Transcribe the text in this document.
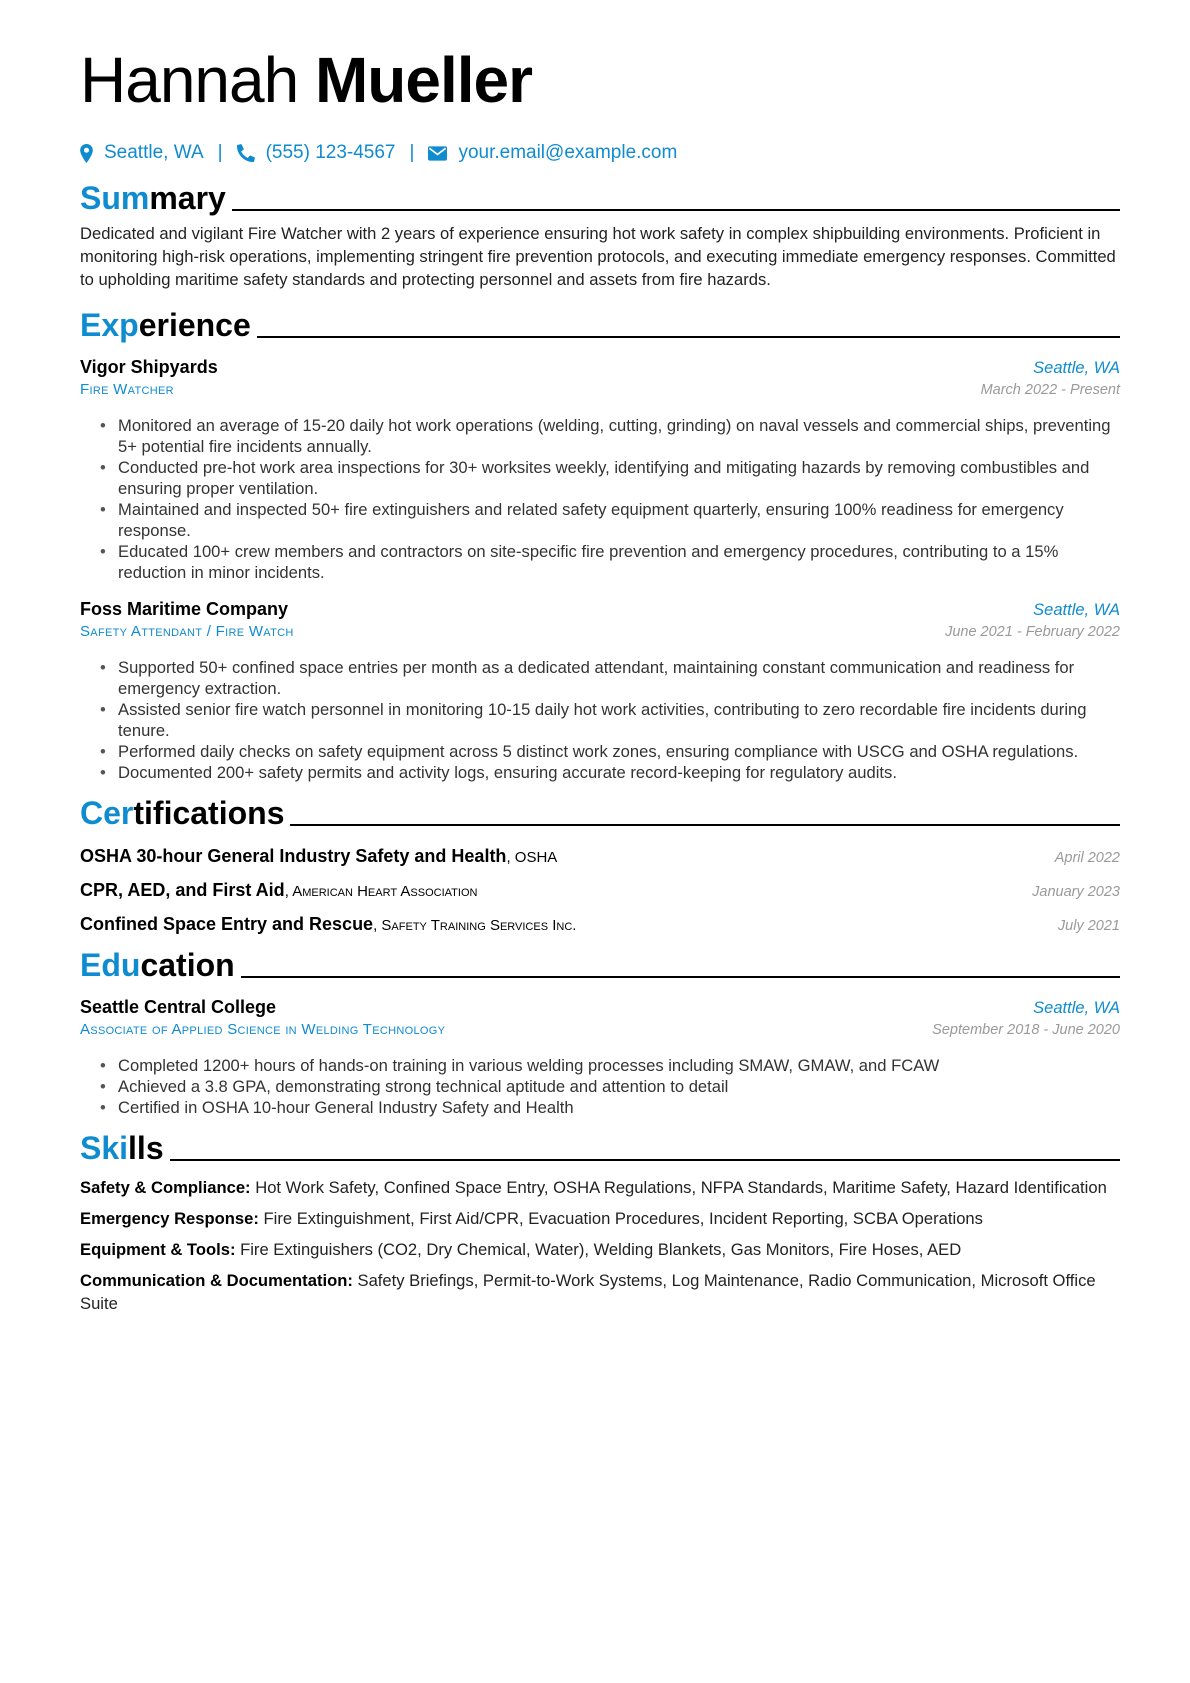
Hannah Mueller
Seattle, WA | (555) 123-4567 | your.email@example.com
Summary
Dedicated and vigilant Fire Watcher with 2 years of experience ensuring hot work safety in complex shipbuilding environments. Proficient in monitoring high-risk operations, implementing stringent fire prevention protocols, and executing immediate emergency responses. Committed to upholding maritime safety standards and protecting personnel and assets from fire hazards.
Experience
Vigor Shipyards	Seattle, WA
Fire Watcher	March 2022 - Present
• Monitored an average of 15-20 daily hot work operations (welding, cutting, grinding) on naval vessels and commercial ships, preventing 5+ potential fire incidents annually.
• Conducted pre-hot work area inspections for 30+ worksites weekly, identifying and mitigating hazards by removing combustibles and ensuring proper ventilation.
• Maintained and inspected 50+ fire extinguishers and related safety equipment quarterly, ensuring 100% readiness for emergency response.
• Educated 100+ crew members and contractors on site-specific fire prevention and emergency procedures, contributing to a 15% reduction in minor incidents.
Foss Maritime Company	Seattle, WA
Safety Attendant / Fire Watch	June 2021 - February 2022
• Supported 50+ confined space entries per month as a dedicated attendant, maintaining constant communication and readiness for emergency extraction.
• Assisted senior fire watch personnel in monitoring 10-15 daily hot work activities, contributing to zero recordable fire incidents during tenure.
• Performed daily checks on safety equipment across 5 distinct work zones, ensuring compliance with USCG and OSHA regulations.
• Documented 200+ safety permits and activity logs, ensuring accurate record-keeping for regulatory audits.
Certifications
OSHA 30-hour General Industry Safety and Health, OSHA	April 2022
CPR, AED, and First Aid, American Heart Association	January 2023
Confined Space Entry and Rescue, Safety Training Services Inc.	July 2021
Education
Seattle Central College	Seattle, WA
Associate of Applied Science in Welding Technology	September 2018 - June 2020
• Completed 1200+ hours of hands-on training in various welding processes including SMAW, GMAW, and FCAW
• Achieved a 3.8 GPA, demonstrating strong technical aptitude and attention to detail
• Certified in OSHA 10-hour General Industry Safety and Health
Skills
Safety & Compliance: Hot Work Safety, Confined Space Entry, OSHA Regulations, NFPA Standards, Maritime Safety, Hazard Identification
Emergency Response: Fire Extinguishment, First Aid/CPR, Evacuation Procedures, Incident Reporting, SCBA Operations
Equipment & Tools: Fire Extinguishers (CO2, Dry Chemical, Water), Welding Blankets, Gas Monitors, Fire Hoses, AED
Communication & Documentation: Safety Briefings, Permit-to-Work Systems, Log Maintenance, Radio Communication, Microsoft Office Suite
